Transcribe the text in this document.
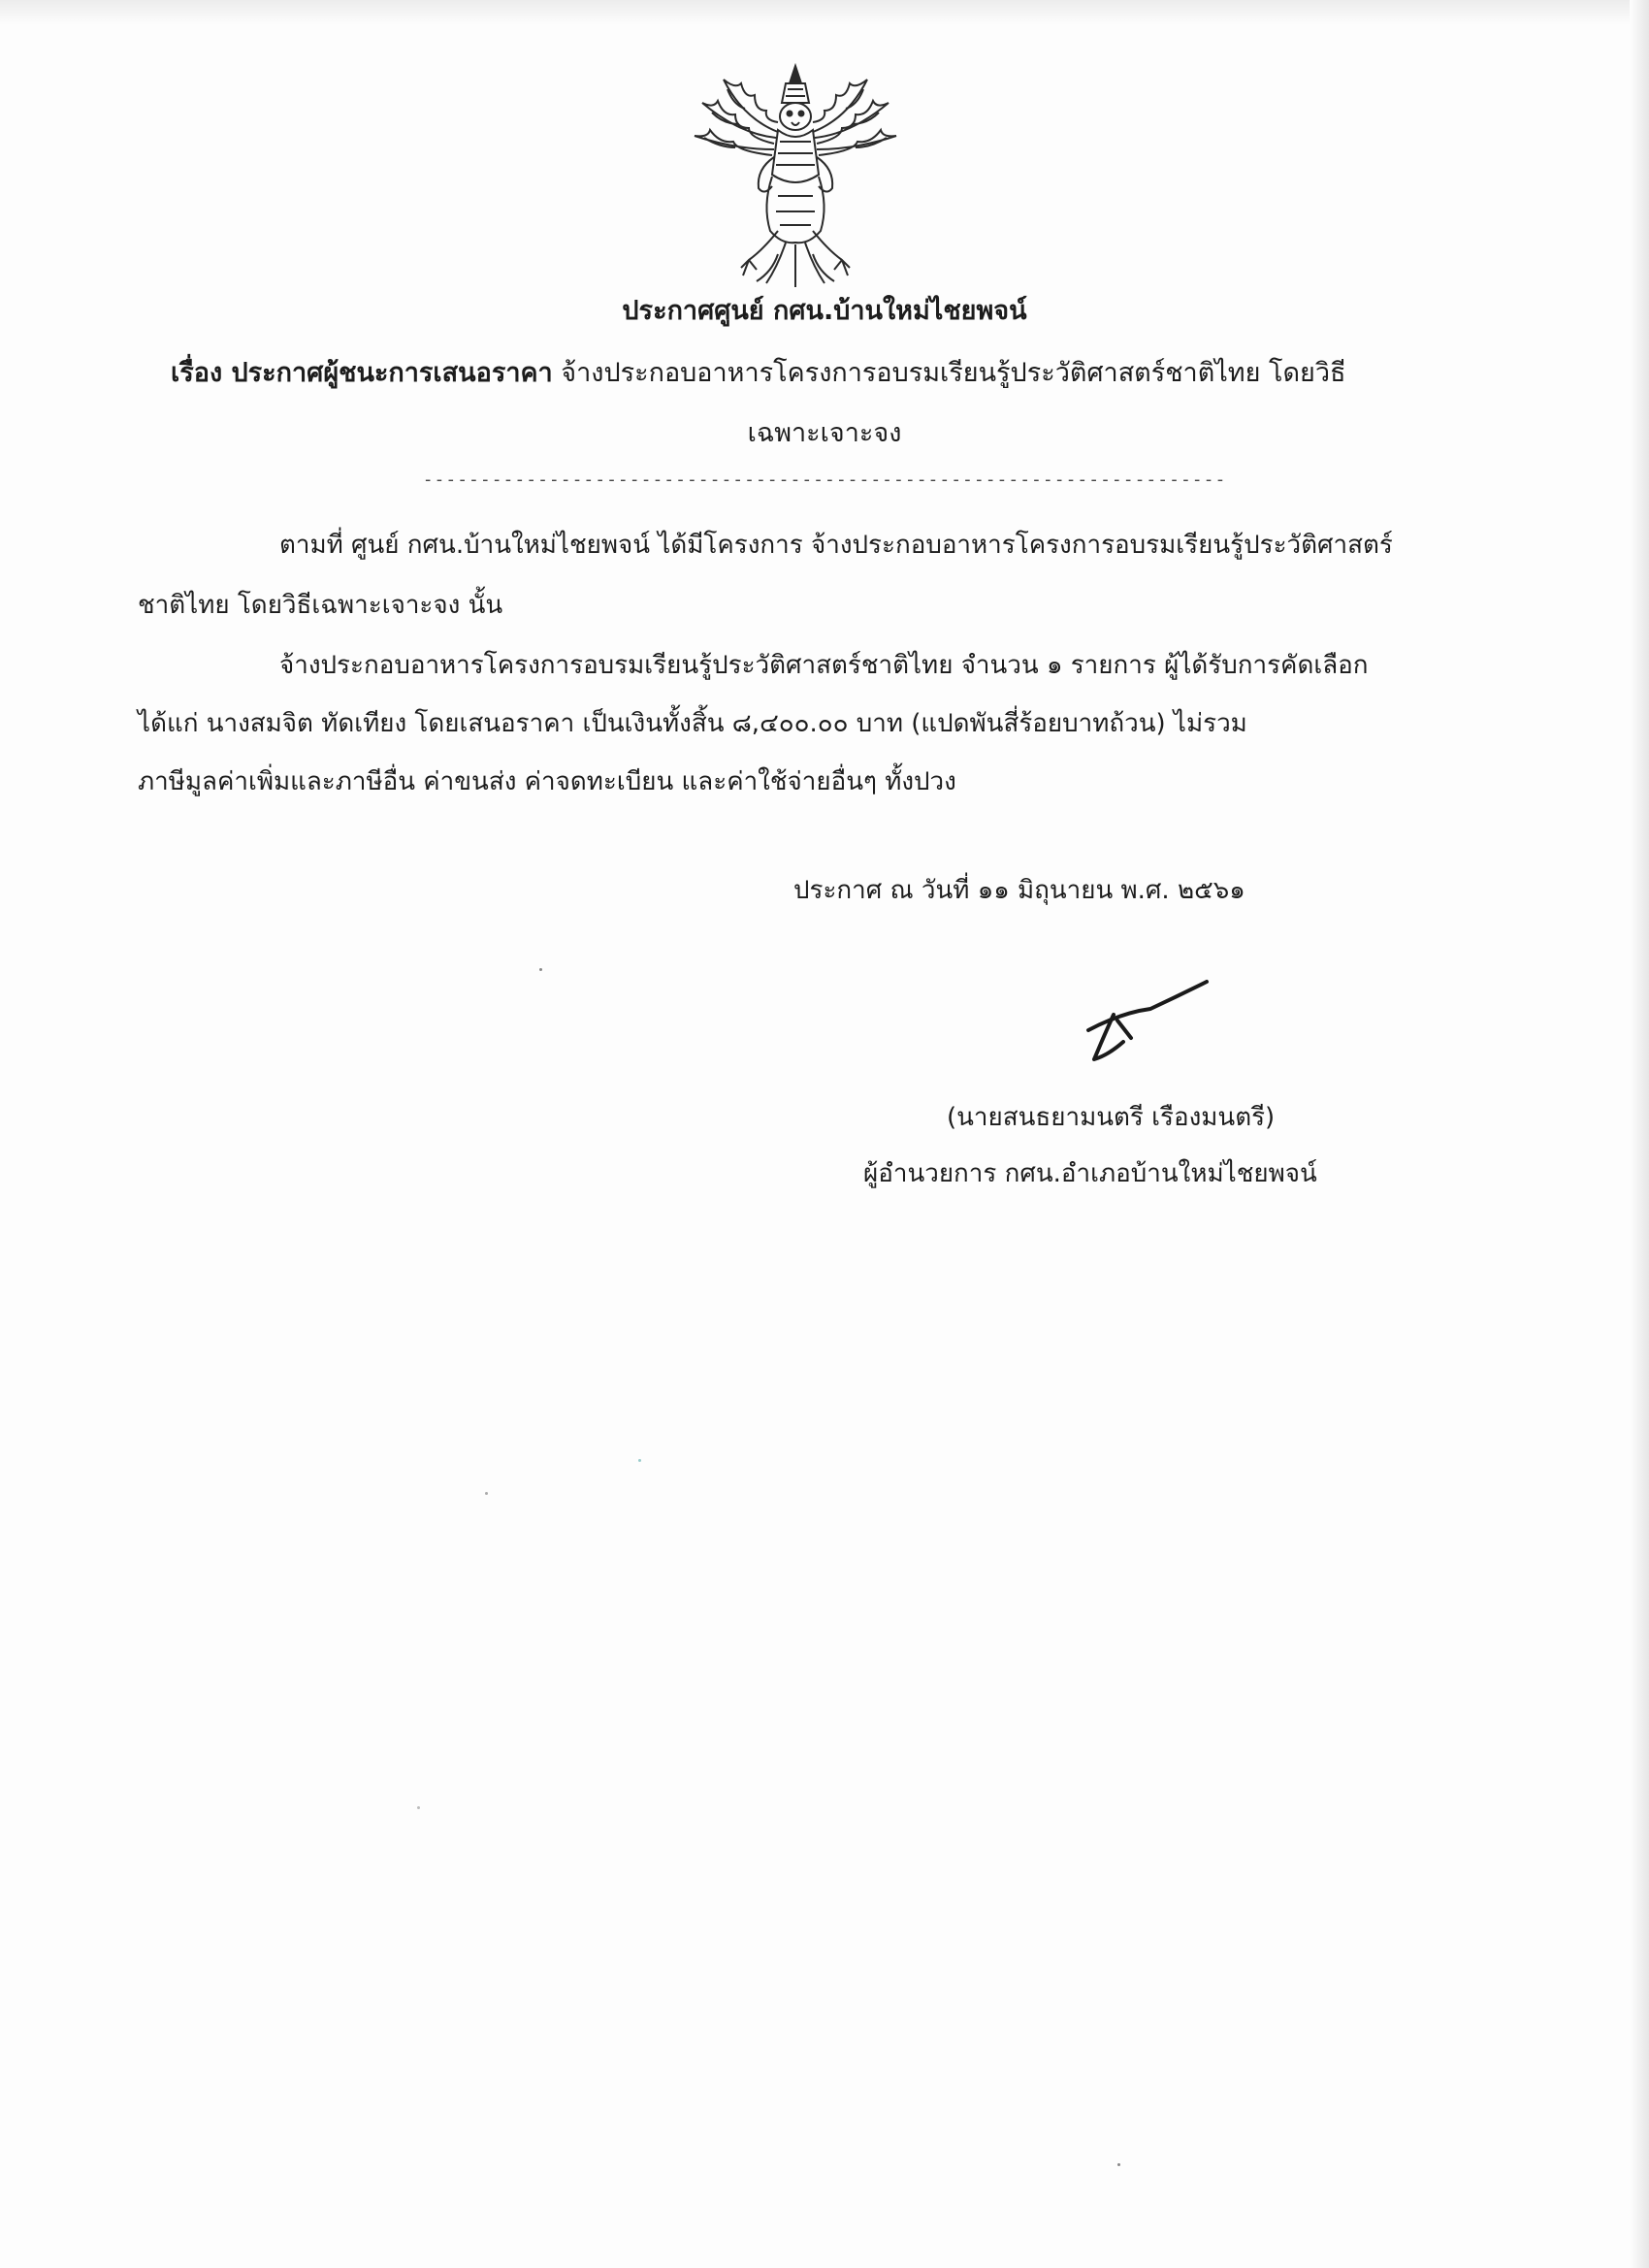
ประกาศศูนย์ กศน.บ้านใหม่ไชยพจน์
เรื่อง ประกาศผู้ชนะการเสนอราคา จ้างประกอบอาหารโครงการอบรมเรียนรู้ประวัติศาสตร์ชาติไทย โดยวิธี
เฉพาะเจาะจง
----------------------------------------------------------------------
ตามที่ ศูนย์ กศน.บ้านใหม่ไชยพจน์ ได้มีโครงการ จ้างประกอบอาหารโครงการอบรมเรียนรู้ประวัติศาสตร์
ชาติไทย โดยวิธีเฉพาะเจาะจง นั้น
จ้างประกอบอาหารโครงการอบรมเรียนรู้ประวัติศาสตร์ชาติไทย จำนวน ๑ รายการ ผู้ได้รับการคัดเลือก
ได้แก่ นางสมจิต ทัดเทียง โดยเสนอราคา เป็นเงินทั้งสิ้น ๘,๔๐๐.๐๐ บาท (แปดพันสี่ร้อยบาทถ้วน) ไม่รวม
ภาษีมูลค่าเพิ่มและภาษีอื่น ค่าขนส่ง ค่าจดทะเบียน และค่าใช้จ่ายอื่นๆ ทั้งปวง
ประกาศ ณ วันที่ ๑๑ มิถุนายน พ.ศ. ๒๕๖๑
(นายสนธยามนตรี เรืองมนตรี)
ผู้อำนวยการ กศน.อำเภอบ้านใหม่ไชยพจน์
